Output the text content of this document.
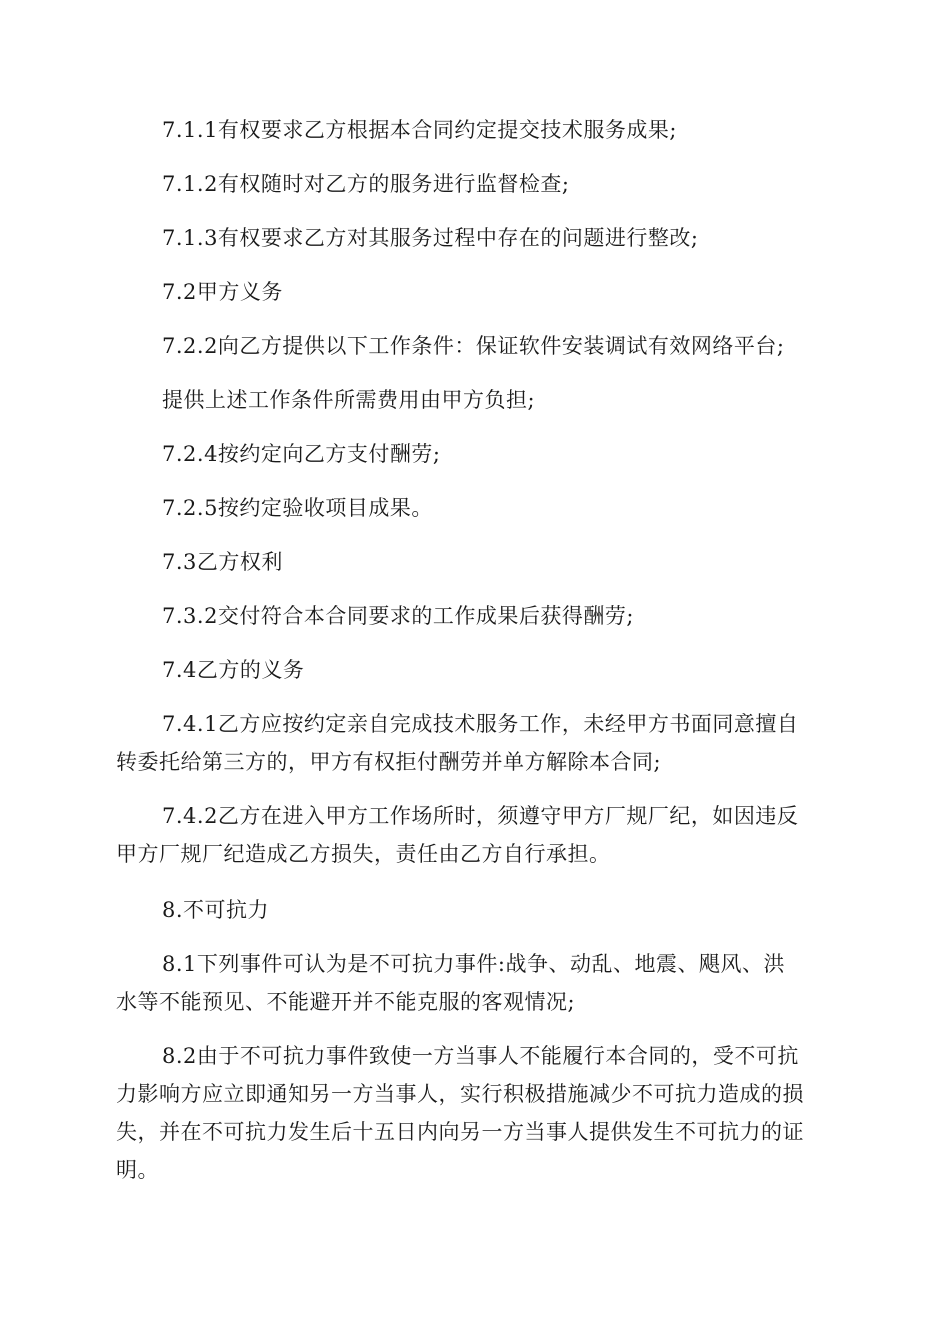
7.1.1有权要求乙方根据本合同约定提交技术服务成果;
7.1.2有权随时对乙方的服务进行监督检查;
7.1.3有权要求乙方对其服务过程中存在的问题进行整改;
7.2甲方义务
7.2.2向乙方提供以下工作条件：保证软件安装调试有效网络平台;
提供上述工作条件所需费用由甲方负担;
7.2.4按约定向乙方支付酬劳;
7.2.5按约定验收项目成果。
7.3乙方权利
7.3.2交付符合本合同要求的工作成果后获得酬劳;
7.4乙方的义务
7.4.1乙方应按约定亲自完成技术服务工作，未经甲方书面同意擅自
转委托给第三方的，甲方有权拒付酬劳并单方解除本合同;
7.4.2乙方在进入甲方工作场所时，须遵守甲方厂规厂纪，如因违反
甲方厂规厂纪造成乙方损失，责任由乙方自行承担。
8.不可抗力
8.1下列事件可认为是不可抗力事件:战争、动乱、地震、飓风、洪
水等不能预见、不能避开并不能克服的客观情况;
8.2由于不可抗力事件致使一方当事人不能履行本合同的，受不可抗
力影响方应立即通知另一方当事人，实行积极措施减少不可抗力造成的损
失，并在不可抗力发生后十五日内向另一方当事人提供发生不可抗力的证
明。
